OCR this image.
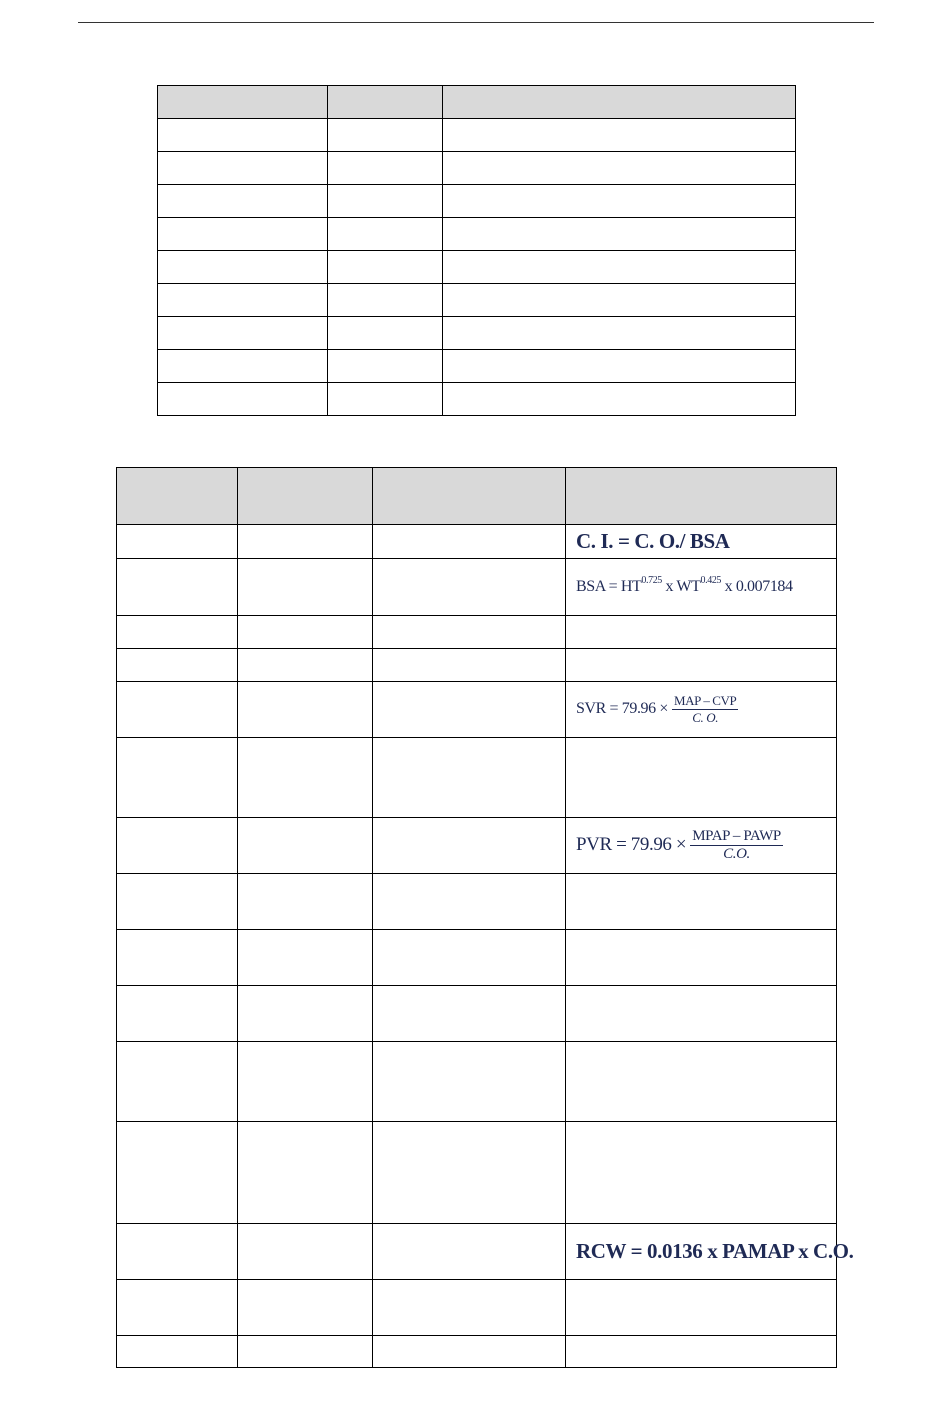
			C. I. = C. O./ BSA
			BSA = $HT^{0.725}$ x $WT^{0.425}$ x 0.007184

			SVR = $79.96 \times \frac{\text{MAP – CVP}}{C. O.}$

			PVR = $79.96 \times \frac{\text{MPAP – PAWP}}{C.O.}$

			RCW = 0.0136 x PAMAP x C.O.
